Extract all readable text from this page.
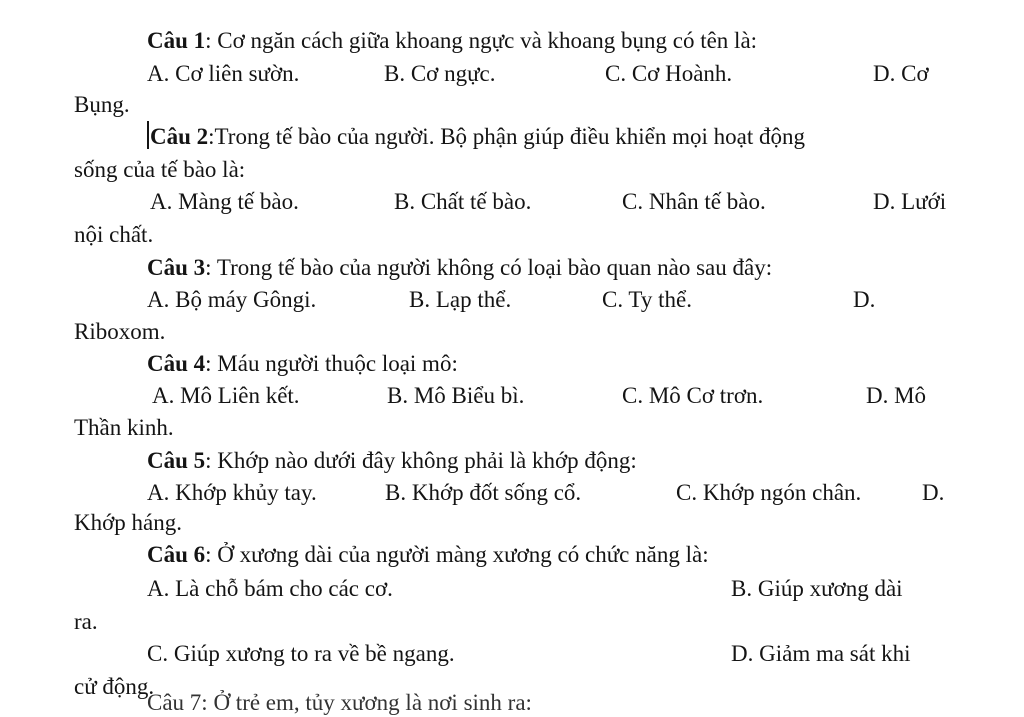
Câu 1: Cơ ngăn cách giữa khoang ngực và khoang bụng có tên là:
A. Cơ liên sườn.	B. Cơ ngực.	C. Cơ Hoành.	D. Cơ
Bụng.
Câu 2:Trong tế bào của người. Bộ phận giúp điều khiển mọi hoạt động
sống của tế bào là:
A. Màng tế bào.	B. Chất tế bào.	C. Nhân tế bào.	D. Lưới
nội chất.
Câu 3: Trong tế bào của người không có loại bào quan nào sau đây:
A. Bộ máy Gôngi.	B. Lạp thể.	C. Ty thể.	D.
Riboxom.
Câu 4: Máu người thuộc loại mô:
A. Mô Liên kết.	B. Mô Biểu bì.	C. Mô Cơ trơn.	D. Mô
Thần kinh.
Câu 5: Khớp nào dưới đây không phải là khớp động:
A. Khớp khủy tay.	B. Khớp đốt sống cổ.	C. Khớp ngón chân.	D.
Khớp háng.
Câu 6: Ở xương dài của người màng xương có chức năng là:
A. Là chỗ bám cho các cơ.	B. Giúp xương dài
ra.
C. Giúp xương to ra về bề ngang.	D. Giảm ma sát khi
cử động.
Câu 7: Ở trẻ em, tủy xương là nơi sinh ra:
